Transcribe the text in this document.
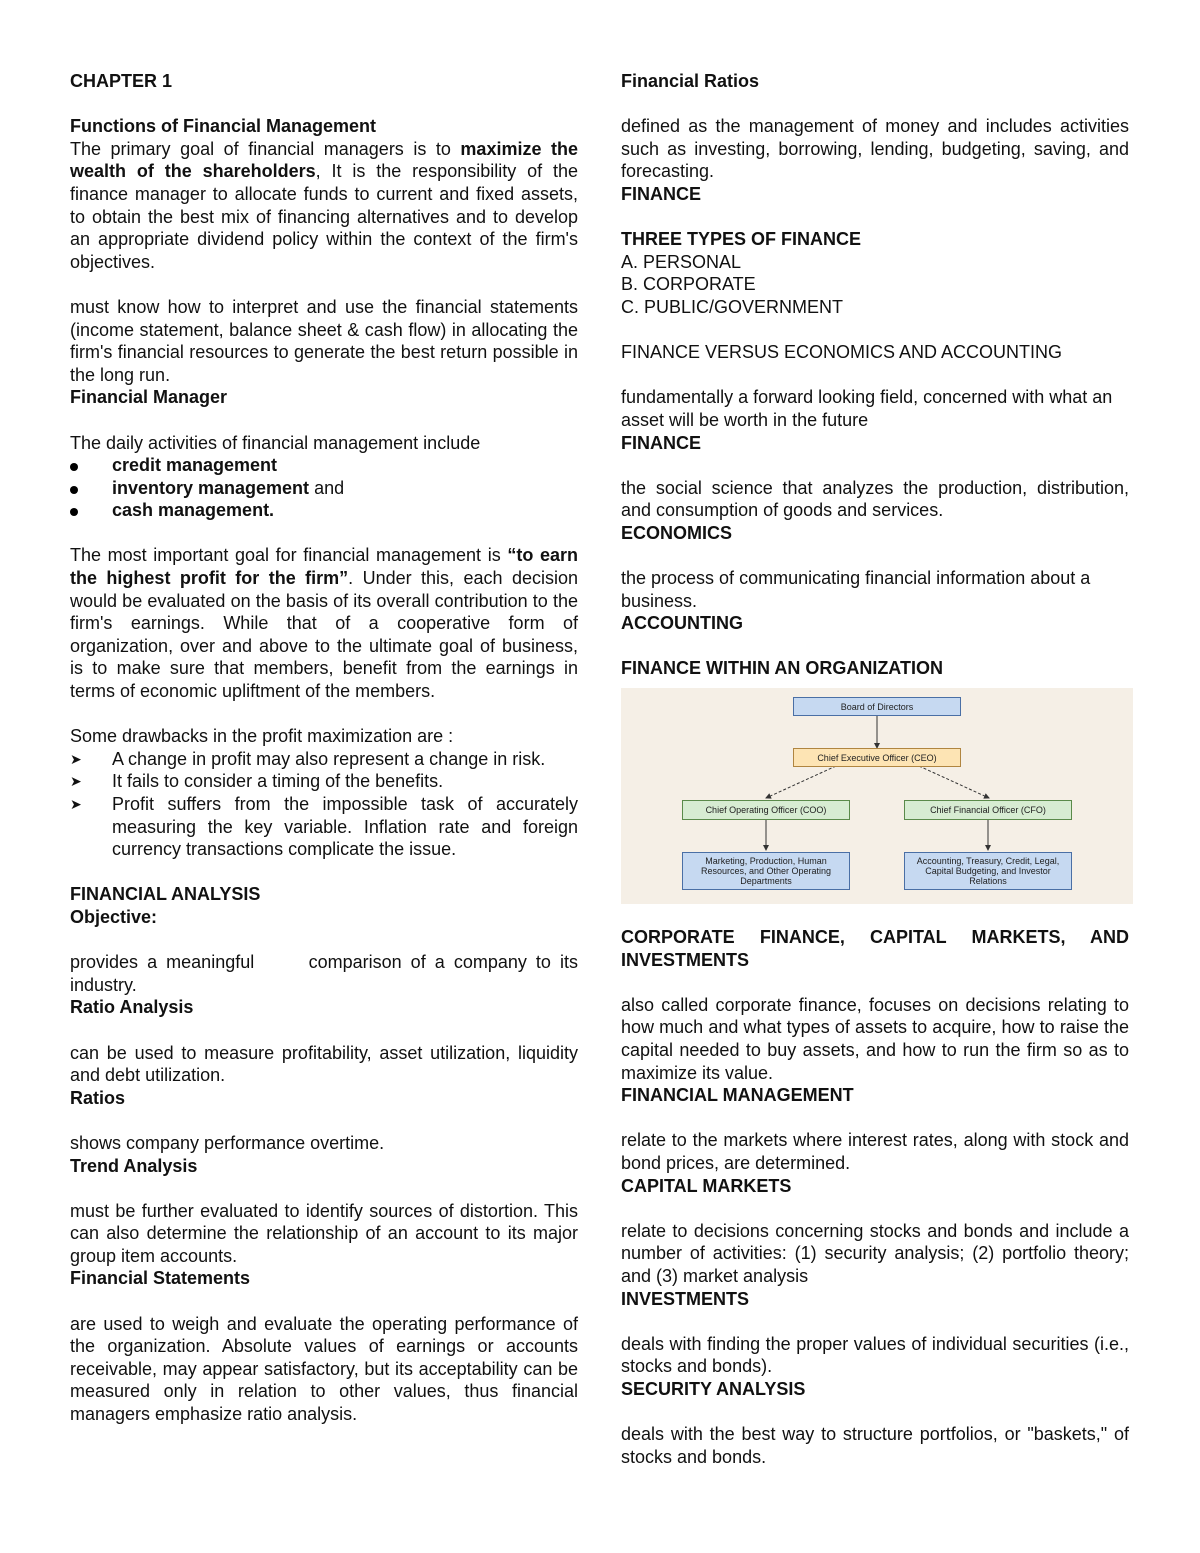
CHAPTER 1

Functions of Financial Management

The primary goal of financial managers is to maximize the wealth of the shareholders, It is the responsibility of the finance manager to allocate funds to current and fixed assets, to obtain the best mix of financing alternatives and to develop an appropriate dividend policy within the context of the firm's objectives.

must know how to interpret and use the financial statements (income statement, balance sheet & cash flow) in allocating the firm's financial resources to generate the best return possible in the long run.

Financial Manager

The daily activities of financial management include

credit management
inventory management and
cash management.

The most important goal for financial management is “to earn the highest profit for the firm”. Under this, each decision would be evaluated on the basis of its overall contribution to the firm's earnings. While that of a cooperative form of organization, over and above to the ultimate goal of business, is to make sure that members, benefit from the earnings in terms of economic upliftment of the members.

Some drawbacks in the profit maximization are :

➤	A change in profit may also represent a change in risk.
➤	It fails to consider a timing of the benefits.
➤	Profit suffers from the impossible task of accurately measuring the key variable. Inflation rate and foreign currency transactions complicate the issue.

FINANCIAL ANALYSIS

Objective:

provides a meaningful      comparison of a company to its industry.

Ratio Analysis

can be used to measure profitability, asset utilization, liquidity and debt utilization.

Ratios

shows company performance overtime.

Trend Analysis

must be further evaluated to identify sources of distortion. This can also determine the relationship of an account to its major group item accounts.

Financial Statements

are used to weigh and evaluate the operating performance of the organization. Absolute values of earnings or accounts receivable, may appear satisfactory, but its acceptability can be measured only in relation to other values, thus financial managers emphasize ratio analysis.

Financial Ratios

defined as the management of money and includes activities such as investing, borrowing, lending, budgeting, saving, and forecasting.

FINANCE

THREE TYPES OF FINANCE

A. PERSONAL

B. CORPORATE

C. PUBLIC/GOVERNMENT

FINANCE VERSUS ECONOMICS AND ACCOUNTING

fundamentally a forward looking field, concerned with what an asset will be worth in the future

FINANCE

the social science that analyzes the production, distribution, and consumption of goods and services.

ECONOMICS

the process of communicating financial information about a business.

ACCOUNTING

FINANCE WITHIN AN ORGANIZATION

Board of Directors
Chief Executive Officer (CEO)
Chief Operating Officer (COO)	Chief Financial Officer (CFO)
Marketing, Production, Human Resources, and Other Operating Departments
Accounting, Treasury, Credit, Legal, Capital Budgeting, and Investor Relations

CORPORATE FINANCE, CAPITAL MARKETS, AND INVESTMENTS

also called corporate finance, focuses on decisions relating to how much and what types of assets to acquire, how to raise the capital needed to buy assets, and how to run the firm so as to maximize its value.

FINANCIAL MANAGEMENT

relate to the markets where interest rates, along with stock and bond prices, are determined.

CAPITAL MARKETS

relate to decisions concerning stocks and bonds and include a number of activities: (1) security analysis; (2) portfolio theory; and (3) market analysis

INVESTMENTS

deals with finding the proper values of individual securities (i.e., stocks and bonds).

SECURITY ANALYSIS

deals with the best way to structure portfolios, or "baskets," of stocks and bonds.
